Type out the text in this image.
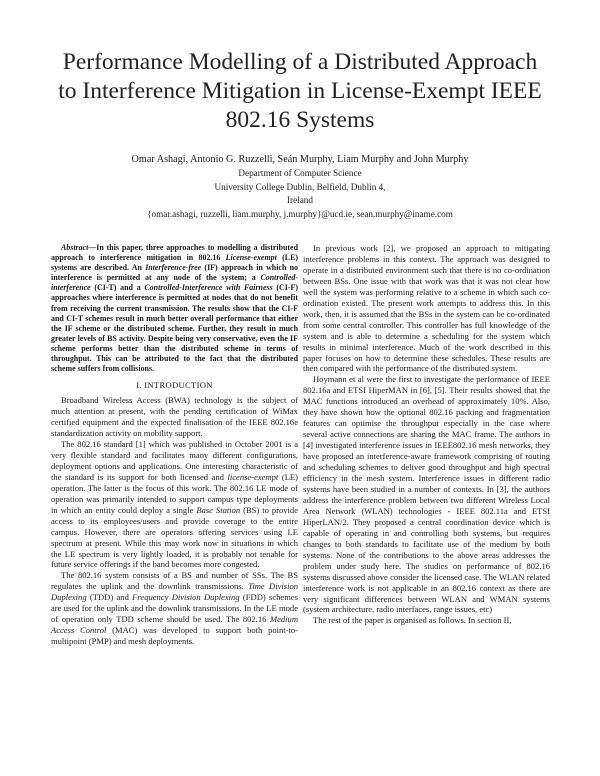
Performance Modelling of a Distributed Approach
to Interference Mitigation in License-Exempt IEEE
802.16 Systems
Omar Ashagi, Antonio G. Ruzzelli, Seán Murphy, Liam Murphy and John Murphy
Department of Computer Science
University College Dublin, Belfield, Dublin 4,
Ireland
{omar.ashagi, ruzzelli, liam.murphy, j.murphy}@ucd.ie, sean.murphy@iname.com

Abstract—In this paper, three approaches to modelling a distributed approach to interference mitigation in 802.16 License-exempt (LE) systems are described. An Interference-free (IF) approach in which no interference is permitted at any node of the system; a Controlled-interference (CI-T) and a Controlled-Interference with Fairness (CI-F) approaches where interference is permitted at nodes that do not benefit from receiving the current transmission. The results show that the CI-F and CI-T schemes result in much better overall performance that either the IF scheme or the distributed scheme. Further, they result in much greater levels of BS activity. Despite being very conservative, even the IF scheme performs better than the distributed scheme in terms of throughput. This can be attributed to the fact that the distributed scheme suffers from collisions.

I. INTRODUCTION

Broadband Wireless Access (BWA) technology is the subject of much attention at present, with the pending certification of WiMax certified equipment and the expected finalisation of the IEEE 802.16e standardization activity on mobility support.

The 802.16 standard [1] which was published in October 2001 is a very flexible standard and facilitates many different configurations, deployment options and applications. One interesting characteristic of the standard is its support for both licensed and license-exempt (LE) operation. The latter is the focus of this work. The 802.16 LE mode of operation was primarily intended to support campus type deployments in which an entity could deploy a single Base Station (BS) to provide access to its employees/users and provide coverage to the entire campus. However, there are operators offering services using LE spectrum at present. While this may work now in situations in which the LE spectrum is very lightly loaded, it is probably not tenable for future service offerings if the band becomes more congested.

The 802.16 system consists of a BS and number of SSs. The BS regulates the uplink and the downlink transmissions. Time Division Duplexing (TDD) and Frequency Division Duplexing (FDD) schemes are used for the uplink and the downlink transmissions. In the LE mode of operation only TDD scheme should be used. The 802.16 Medium Access Control (MAC) was developed to support both point-to-multipoint (PMP) and mesh deployments.

In previous work [2], we proposed an approach to mitigating interference problems in this context. The approach was designed to operate in a distributed environment such that there is no co-ordination between BSs. One issue with that work was that it was not clear how well the system was performing relative to a scheme in which such co-ordination existed. The present work attempts to address this. In this work, then, it is assumed that the BSs in the system can be co-ordinated from some central controller. This controller has full knowledge of the system and is able to determine a scheduling for the system which results in minimal interference. Much of the work described in this paper focuses on how to determine these schedules. These results are then compared with the performance of the distributed system.

Hoymann et al were the first to investigate the performance of IEEE 802.16a and ETSI HiperMAN in [6], [5]. Their results showed that the MAC functions introduced an overhead of approximately 10%. Also, they have shown how the optional 802.16 packing and fragmentation features can optimise the throughput especially in the case where several active connections are sharing the MAC frame. The authors in [4] investigated interference issues in IEEE802.16 mesh networks, they have proposed an interference-aware framework comprising of routing and scheduling schemes to deliver good throughput and high spectral efficiency in the mesh system. Interference issues in different radio systems have been studied in a number of contexts. In [3], the authors address the interference problem between two different Wireless Local Area Network (WLAN) technologies - IEEE 802.11a and ETSI HiperLAN/2. They proposed a central coordination device which is capable of operating in and controlling both systems, but requires changes to both standards to facilitate use of the medium by both systems. None of the contributions to the above areas addresses the problem under study here. The studies on performance of 802.16 systems discussed above consider the licensed case. The WLAN related interference work is not applicable in an 802.16 context as there are very significant differences between WLAN and WMAN systems (system architecture, radio interfaces, range issues, etc)

The rest of the paper is organised as follows. In section II,
